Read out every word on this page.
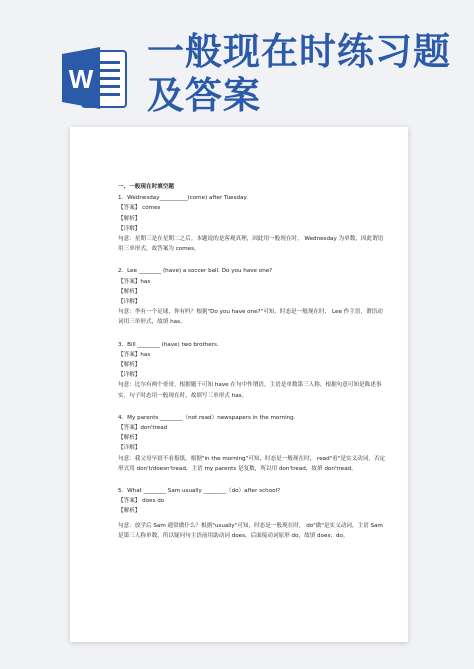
W
一般现在时练习题
及答案

一、一般现在时填空题
1．Wednesday__________(come) after Tuesday.
【答案】 comes
【解析】
【详解】
句意：星期三是在星期二之后。本题说的是客观真理，因此用一般现在时。 Wednesday 为单数，因此谓语用三单形式，故答案为 comes。
2．Lee ________ (have) a soccer ball. Do you have one?
【答案】has
【解析】
【详解】
句意：李有一个足球，你有吗？根据"Do you have one?"可知，时态是一般现在时， Lee 作主语，谓语动词用三单形式，故填 has。
3．Bill ________ (have) two brothers.
【答案】has
【解析】
【详解】
句意：比尔有两个哥哥。根据题干可知 have 在句中作谓语，主语是单数第三人称，根据句意可知是陈述事实，句子时态用一般现在时，故填写三单形式 has。
4．My parents ________（not read）newspapers in the morning.
【答案】don'tread
【解析】
【详解】
句意：我父母早晨不看报纸。根据"in the morning"可知，时态是一般现在时， read"看"是实义动词，否定形式用 don't/doesn'tread，主语 my parents 是复数，所以用 don'tread，故填 don'tread。
5．What ________ Sam usually ________（do）after school?
【答案】 does do
【解析】
句意：放学后 Sam 通常做什么？根据"usually"可知，时态是一般现在时， do"做"是实义动词，主语 Sam 是第三人称单数，所以疑问句主语前用助动词 does，后面接动词原形 do，故填 does；do。
